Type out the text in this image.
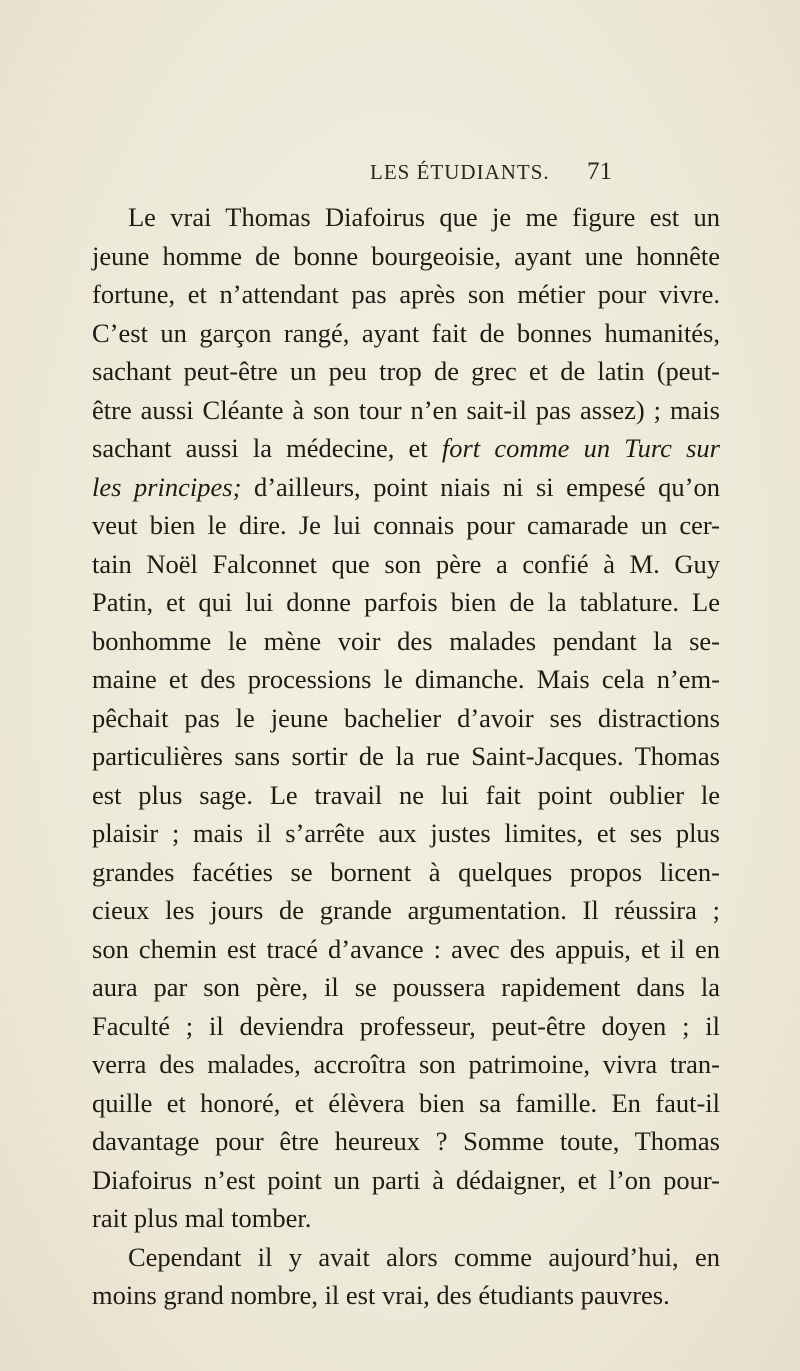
LES ÉTUDIANTS. 71

Le vrai Thomas Diafoirus que je me figure est un
jeune homme de bonne bourgeoisie, ayant une honnête
fortune, et n’attendant pas après son métier pour vivre.
C’est un garçon rangé, ayant fait de bonnes humanités,
sachant peut-être un peu trop de grec et de latin (peut-
être aussi Cléante à son tour n’en sait-il pas assez) ; mais
sachant aussi la médecine, et fort comme un Turc sur
les principes; d’ailleurs, point niais ni si empesé qu’on
veut bien le dire. Je lui connais pour camarade un cer-
tain Noël Falconnet que son père a confié à M. Guy
Patin, et qui lui donne parfois bien de la tablature. Le
bonhomme le mène voir des malades pendant la se-
maine et des processions le dimanche. Mais cela n’em-
pêchait pas le jeune bachelier d’avoir ses distractions
particulières sans sortir de la rue Saint-Jacques. Thomas
est plus sage. Le travail ne lui fait point oublier le
plaisir ; mais il s’arrête aux justes limites, et ses plus
grandes facéties se bornent à quelques propos licen-
cieux les jours de grande argumentation. Il réussira ;
son chemin est tracé d’avance : avec des appuis, et il en
aura par son père, il se poussera rapidement dans la
Faculté ; il deviendra professeur, peut-être doyen ; il
verra des malades, accroîtra son patrimoine, vivra tran-
quille et honoré, et élèvera bien sa famille. En faut-il
davantage pour être heureux ? Somme toute, Thomas
Diafoirus n’est point un parti à dédaigner, et l’on pour-
rait plus mal tomber.

Cependant il y avait alors comme aujourd’hui, en
moins grand nombre, il est vrai, des étudiants pauvres.
